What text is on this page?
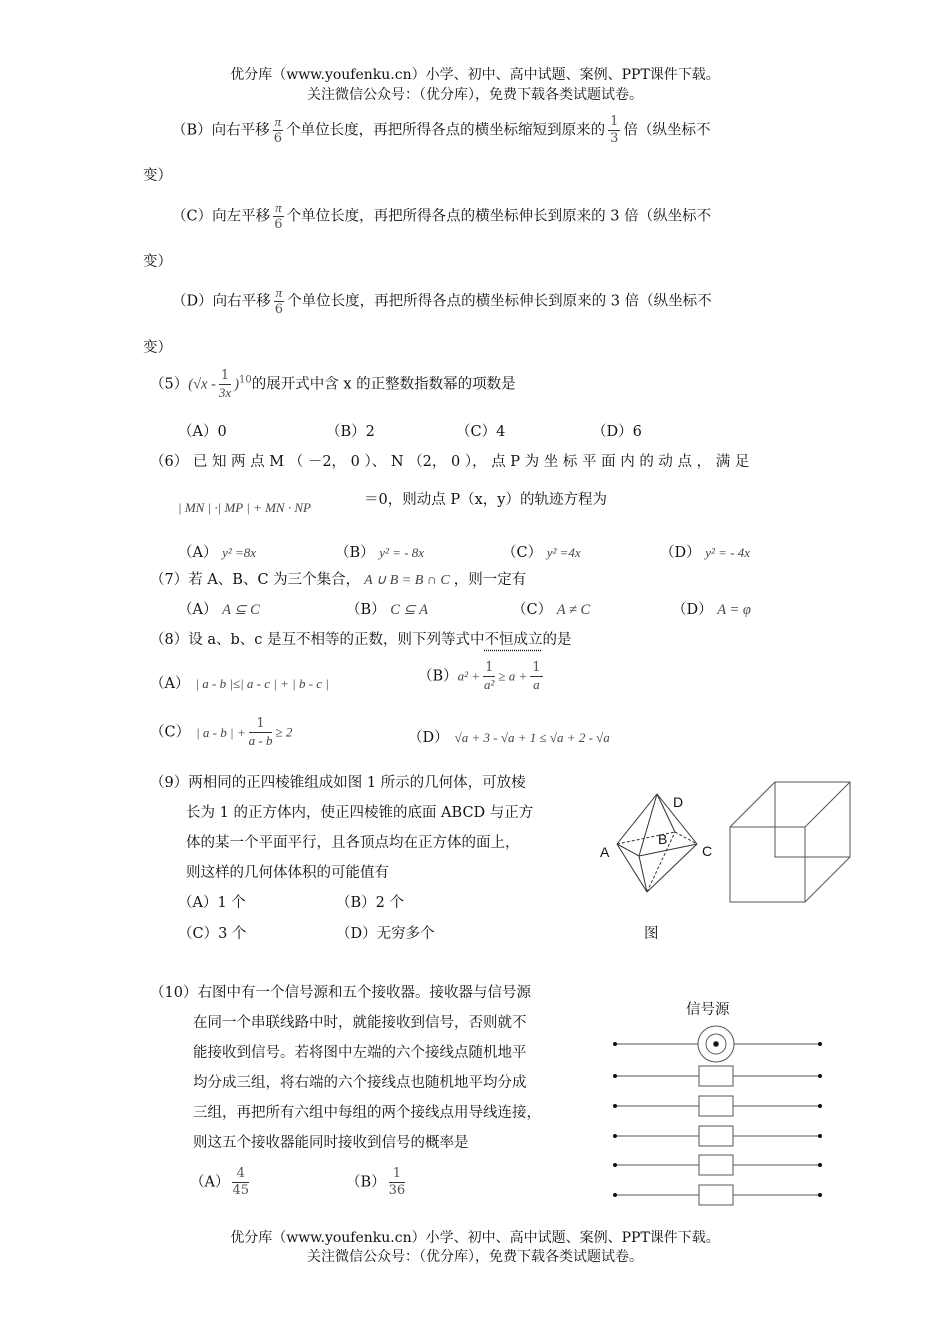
优分库（www.youfenku.cn）小学、初中、高中试题、案例、PPT课件下载。
关注微信公众号：（优分库），免费下载各类试题试卷。
（B）向右平移 $\frac{\pi}{6}$ 个单位长度，再把所得各点的横坐标缩短到原来的 $\frac{1}{3}$ 倍（纵坐标不
变）
（C）向左平移 $\frac{\pi}{6}$ 个单位长度，再把所得各点的横坐标伸长到原来的 3 倍（纵坐标不
变）
（D）向右平移 $\frac{\pi}{6}$ 个单位长度，再把所得各点的横坐标伸长到原来的 3 倍（纵坐标不
变）
$(5)(√x - \frac{1}{3x} )^{10}$的展开式中含 x 的正整数指数幂的项数是
（A）0	（B）2	（C）4	（D）6
（6） 已 知 两 点 M （ －2， 0 ）、 N （2， 0 ）， 点 P 为 坐 标 平 面 内 的 动 点 ， 满 足
| MN | ·| MP | + MN · NP	＝0，则动点 P（x，y）的轨迹方程为
（A） y² =8x	（B） y² = - 8x	（C） y² =4x	（D） y² = - 4x
（7）若 A、B、C 为三个集合， A ∪ B = B ∩ C ，则一定有
（A） A ⊆ C	（B） C ⊆ A	（C） A ≠ C	（D） A = φ
（8）设 a、b、c 是互不相等的正数，则下列等式中不恒成立的是
（A） | a - b |≤| a - c | + | b - c |	$(B)a^2 + \frac{1}{\text{a²}} \ge a + \frac{1}{a}$
（C） | a - b | + $\frac{1}{a - b} \ge 2$	（D） √a + 3 - √a + 1 ≤ √a + 2 - √a
（9）两相同的正四棱锥组成如图 1 所示的几何体，可放棱
长为 1 的正方体内，使正四棱锥的底面 ABCD 与正方
体的某一个平面平行，且各顶点均在正方体的面上，
则这样的几何体体积的可能值有
（A）1 个	（B）2 个
（C）3 个	（D）无穷多个
D
A
B
C
图
（10）右图中有一个信号源和五个接收器。接收器与信号源
在同一个串联线路中时，就能接收到信号，否则就不
能接收到信号。若将图中左端的六个接线点随机地平
均分成三组，将右端的六个接线点也随机地平均分成
三组，再把所有六组中每组的两个接线点用导线连接，
则这五个接收器能同时接收到信号的概率是
$(A) \frac{4}{45}$	$(B) \frac{1}{36}$
信号源
优分库（www.youfenku.cn）小学、初中、高中试题、案例、PPT课件下载。
关注微信公众号：（优分库），免费下载各类试题试卷。
